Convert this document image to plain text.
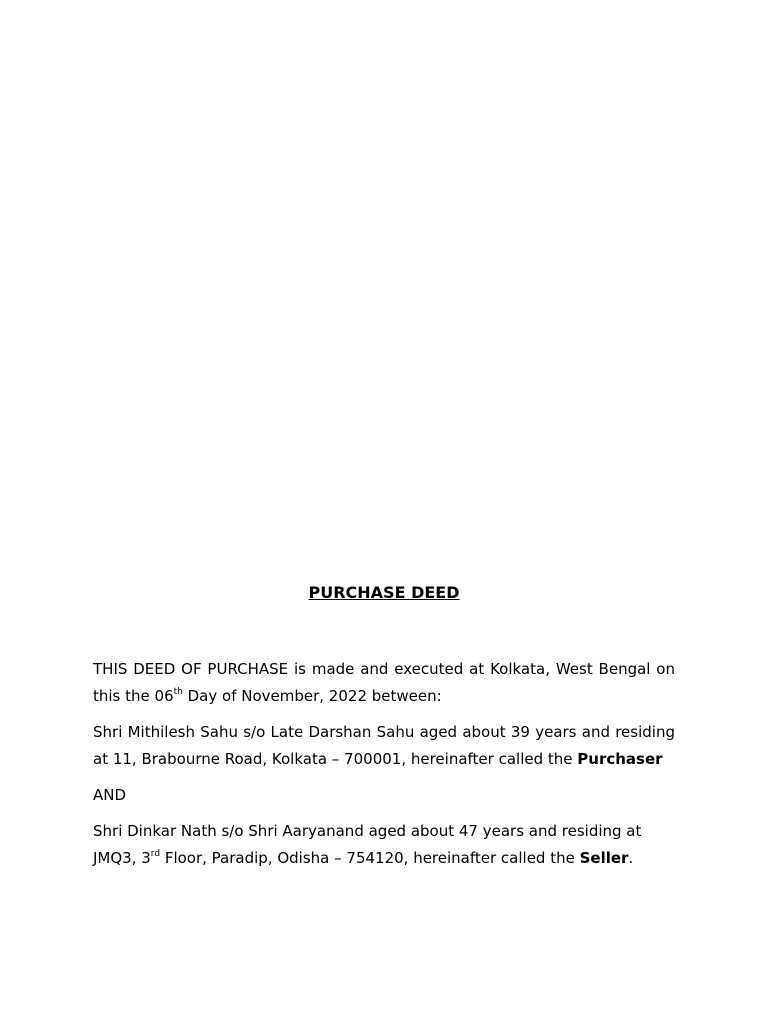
PURCHASE DEED

THIS DEED OF PURCHASE is made and executed at Kolkata, West Bengal on this the 06th Day of November, 2022 between:

Shri Mithilesh Sahu s/o Late Darshan Sahu aged about 39 years and residing at 11, Brabourne Road, Kolkata – 700001, hereinafter called the Purchaser

AND

Shri Dinkar Nath s/o Shri Aaryanand aged about 47 years and residing at JMQ3, 3rd Floor, Paradip, Odisha – 754120, hereinafter called the Seller.
